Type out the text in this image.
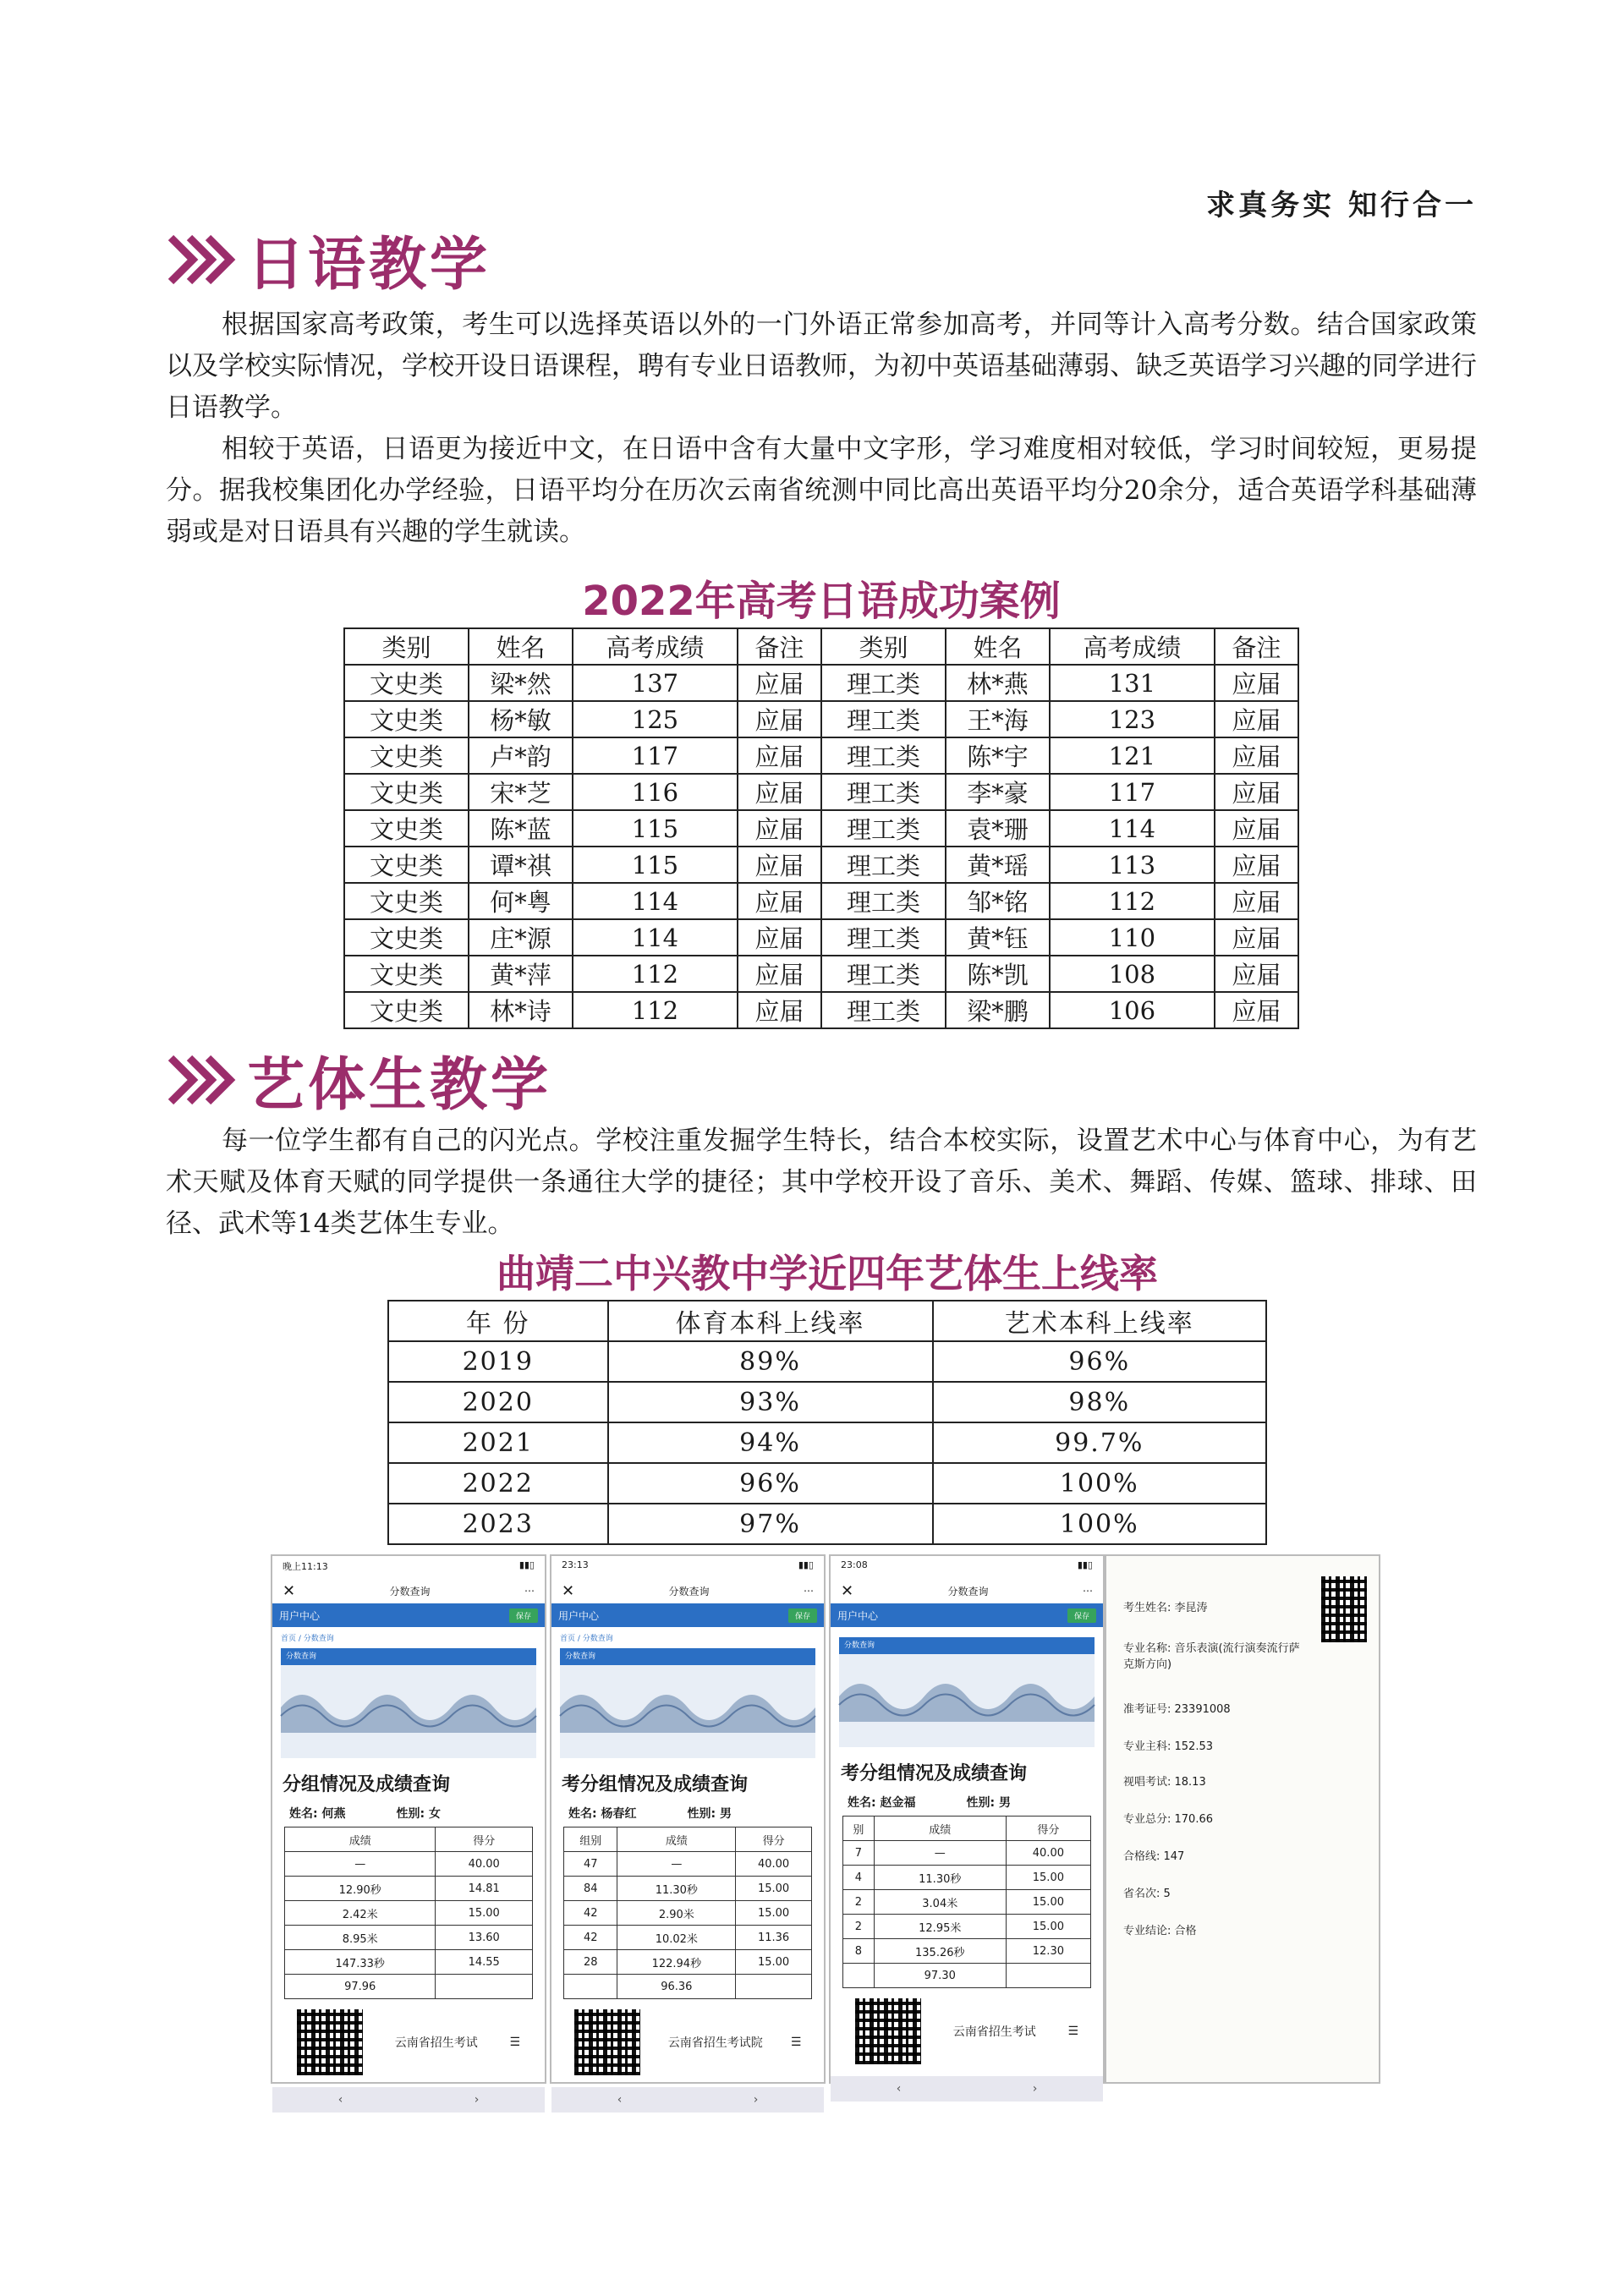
求真务实 知行合一
日语教学

根据国家高考政策，考生可以选择英语以外的一门外语正常参加高考，并同等计入高考分数。结合国家政策以及学校实际情况，学校开设日语课程，聘有专业日语教师，为初中英语基础薄弱、缺乏英语学习兴趣的同学进行日语教学。

相较于英语，日语更为接近中文，在日语中含有大量中文字形，学习难度相对较低，学习时间较短，更易提分。据我校集团化办学经验，日语平均分在历次云南省统测中同比高出英语平均分20余分，适合英语学科基础薄弱或是对日语具有兴趣的学生就读。

2022年高考日语成功案例
类别	姓名	高考成绩	备注	类别	姓名	高考成绩	备注
文史类	梁*然	137	应届	理工类	林*燕	131	应届
文史类	杨*敏	125	应届	理工类	王*海	123	应届
文史类	卢*韵	117	应届	理工类	陈*宇	121	应届
文史类	宋*芝	116	应届	理工类	李*豪	117	应届
文史类	陈*蓝	115	应届	理工类	袁*珊	114	应届
文史类	谭*祺	115	应届	理工类	黄*瑶	113	应届
文史类	何*粤	114	应届	理工类	邹*铭	112	应届
文史类	庄*源	114	应届	理工类	黄*钰	110	应届
文史类	黄*萍	112	应届	理工类	陈*凯	108	应届
文史类	林*诗	112	应届	理工类	梁*鹏	106	应届
艺体生教学

每一位学生都有自己的闪光点。学校注重发掘学生特长，结合本校实际，设置艺术中心与体育中心，为有艺术天赋及体育天赋的同学提供一条通往大学的捷径；其中学校开设了音乐、美术、舞蹈、传媒、篮球、排球、田径、武术等14类艺体生专业。

曲靖二中兴教中学近四年艺体生上线率
年 份	体育本科上线率	艺术本科上线率
2019	89%	96%
2020	93%	98%
2021	94%	99.7%
2022	96%	100%
2023	97%	100%
晚上11:13	▮▮▯
✕	分数查询	⋯
用户中心	保存
首页 / 分数查询
分数查询
分组情况及成绩查询
姓名: 何燕	性别: 女
成绩	得分
—	40.00
12.90秒	14.81
2.42米	15.00
8.95米	13.60
147.33秒	14.55
97.96	
云南省招生考试	☰
‹	›
23:13	▮▮▯
✕	分数查询	⋯
用户中心	保存
首页 / 分数查询
分数查询
考分组情况及成绩查询
姓名: 杨春红	性别: 男
组别	成绩	得分
47	—	40.00
84	11.30秒	15.00
42	2.90米	15.00
42	10.02米	11.36
28	122.94秒	15.00
	96.36	
云南省招生考试院 ☰
‹	›
23:08	▮▮▯
✕	分数查询	⋯
用户中心	保存
分数查询
考分组情况及成绩查询
姓名: 赵金福	性别: 男
别	成绩	得分
7	—	40.00
4	11.30秒	15.00
2	3.04米	15.00
2	12.95米	15.00
8	135.26秒	12.30
	97.30	
云南省招生考试	☰
‹	›
考生姓名: 李昆涛
专业名称: 音乐表演(流行演奏流行萨克斯方向)
准考证号: 23391008
专业主科: 152.53
视唱考试: 18.13
专业总分: 170.66
合格线: 147
省名次: 5
专业结论: 合格
